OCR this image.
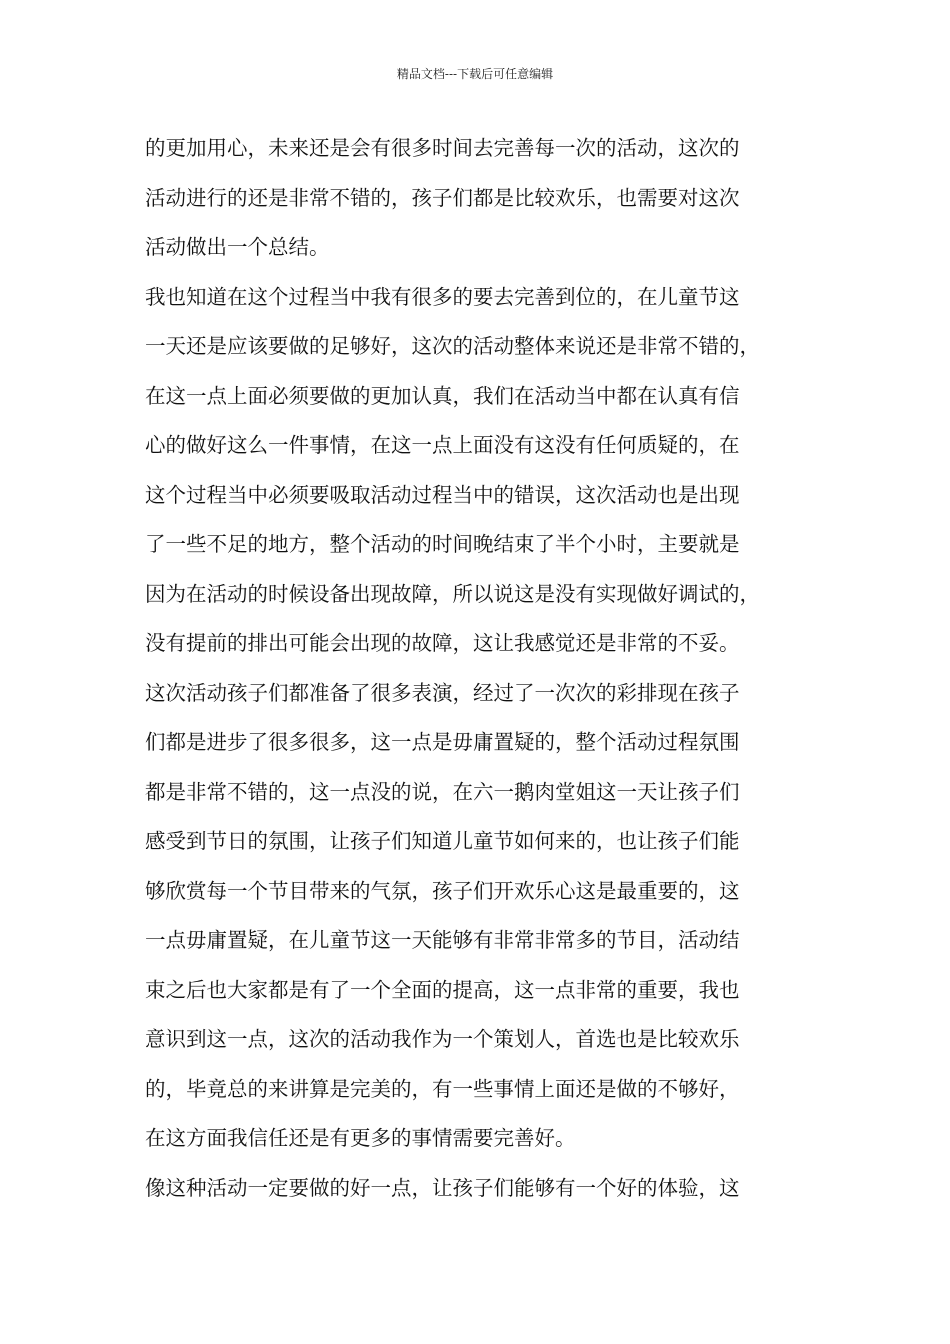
精品文档---下载后可任意编辑
的更加用心，未来还是会有很多时间去完善每一次的活动，这次的
活动进行的还是非常不错的，孩子们都是比较欢乐，也需要对这次
活动做出一个总结。
我也知道在这个过程当中我有很多的要去完善到位的，在儿童节这
一天还是应该要做的足够好，这次的活动整体来说还是非常不错的，
在这一点上面必须要做的更加认真，我们在活动当中都在认真有信
心的做好这么一件事情，在这一点上面没有这没有任何质疑的，在
这个过程当中必须要吸取活动过程当中的错误，这次活动也是出现
了一些不足的地方，整个活动的时间晚结束了半个小时，主要就是
因为在活动的时候设备出现故障，所以说这是没有实现做好调试的，
没有提前的排出可能会出现的故障，这让我感觉还是非常的不妥。
这次活动孩子们都准备了很多表演，经过了一次次的彩排现在孩子
们都是进步了很多很多，这一点是毋庸置疑的，整个活动过程氛围
都是非常不错的，这一点没的说，在六一鹅肉堂姐这一天让孩子们
感受到节日的氛围，让孩子们知道儿童节如何来的，也让孩子们能
够欣赏每一个节目带来的气氛，孩子们开欢乐心这是最重要的，这
一点毋庸置疑，在儿童节这一天能够有非常非常多的节目，活动结
束之后也大家都是有了一个全面的提高，这一点非常的重要，我也
意识到这一点，这次的活动我作为一个策划人，首选也是比较欢乐
的，毕竟总的来讲算是完美的，有一些事情上面还是做的不够好，
在这方面我信任还是有更多的事情需要完善好。
像这种活动一定要做的好一点，让孩子们能够有一个好的体验，这
